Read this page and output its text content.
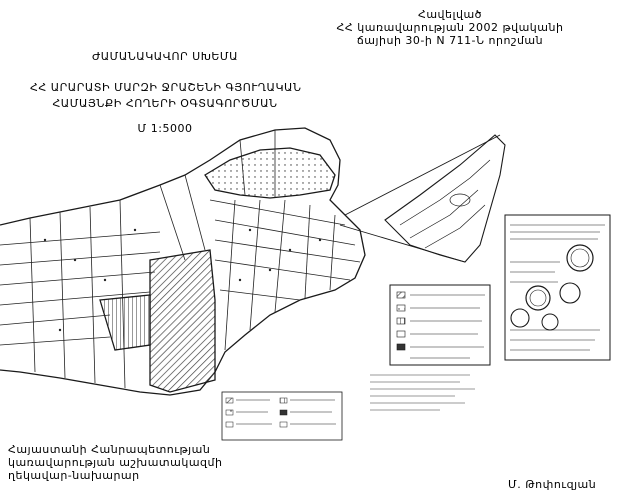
Հավելված
ՀՀ կառավարության 2002 թվականի
ճայիսի 30-ի N 711-Ն որոշման
ԺԱՄԱՆԱԿԱՎՈՐ ՍԽԵՄԱ
ՀՀ ԱՐԱՐԱՏԻ ՄԱՐԶԻ ՋՐԱՇԵՆԻ ԳՅՈՒՂԱԿԱՆ
ՀԱՄԱՅՆՔԻ ՀՈՂԵՐԻ ՕԳՏԱԳՈՐԾՄԱՆ
Մ 1:5000
Հայաստանի Հանրապետության
կառավարության աշխատակազմի
ղեկավար-նախարար
Մ. Թոփուզյան
